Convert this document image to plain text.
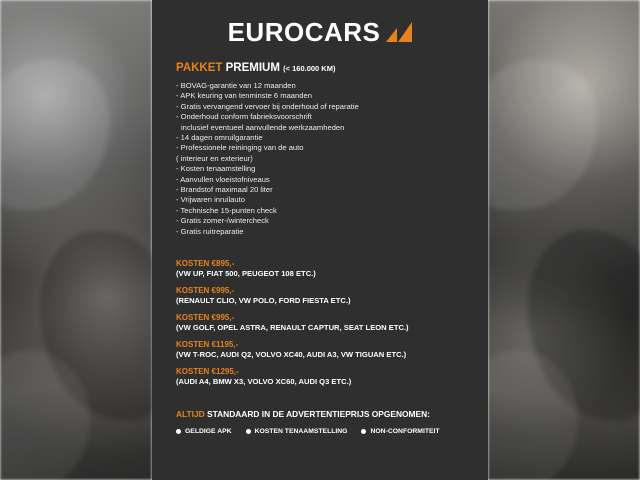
EURO CARS
PAKKET PREMIUM (< 160.000 KM)
- BOVAG-garantie van 12 maanden
- APK keuring van tenminste 6 maanden
- Gratis vervangend vervoer bij onderhoud of reparatie
- Onderhoud conform fabrieksvoorschrift
inclusief eventueel aanvullende werkzaamheden
- 14 dagen omruilgarantie
- Professionele reininging van de auto
( interieur en exterieur)
- Kosten tenaamstelling
- Aanvullen vloeistofniveaus
- Brandstof maximaal 20 liter
- Vrijwaren inruilauto
- Technische 15-punten check
- Gratis zomer-/wintercheck
- Gratis ruitreparatie
KOSTEN €895,-
(VW UP, FIAT 500, PEUGEOT 108 ETC.)
KOSTEN €995,-
(RENAULT CLIO, VW POLO, FORD FIESTA ETC.)
KOSTEN €995,-
(VW GOLF, OPEL ASTRA, RENAULT CAPTUR, SEAT LEON ETC.)
KOSTEN €1195,-
(VW T-ROC, AUDI Q2, VOLVO XC40, AUDI A3, VW TIGUAN ETC.)
KOSTEN €1295,-
(AUDI A4, BMW X3, VOLVO XC60, AUDI Q3 ETC.)
ALTIJD STANDAARD IN DE ADVERTENTIEPRIJS OPGENOMEN:
GELDIGE APK	KOSTEN TENAAMSTELLING	NON-CONFORMITEIT
